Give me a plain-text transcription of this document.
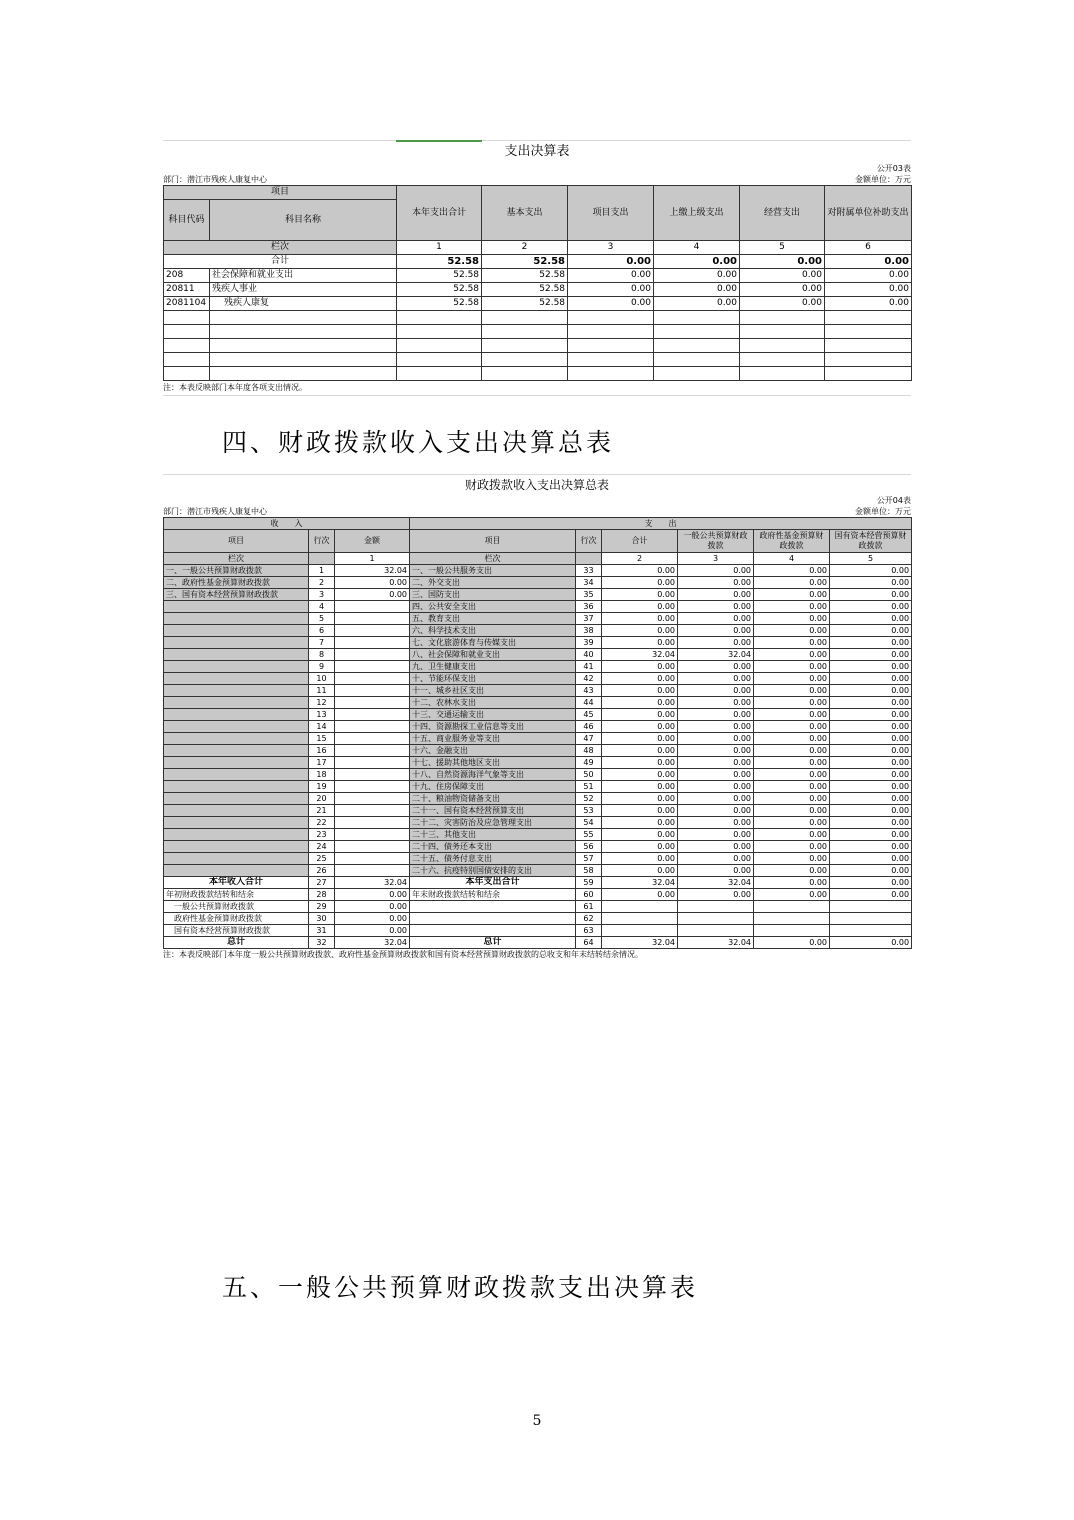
支出决算表
公开03表
部门：潜江市残疾人康复中心	金额单位：万元
项目		本年支出合计	基本支出	项目支出	上缴上级支出	经营支出	对附属单位补助支出
科目代码	科目名称						
栏次		1	2	3	4	5	6
合计		52.58	52.58	0.00	0.00	0.00	0.00
208	社会保障和就业支出	52.58	52.58	0.00	0.00	0.00	0.00
20811	残疾人事业	52.58	52.58	0.00	0.00	0.00	0.00
2081104	残疾人康复	52.58	52.58	0.00	0.00	0.00	0.00

注：本表反映部门本年度各项支出情况。
四、财政拨款收入支出决算总表
财政拨款收入支出决算总表
公开04表
部门：潜江市残疾人康复中心	金额单位：万元
收　　入			支　　出					
项目	行次	金额	项目	行次	合计	一般公共预算财政拨款	政府性基金预算财政拨款	国有资本经营预算财政拨款
栏次		1	栏次		2	3	4	5
一、一般公共预算财政拨款	1	32.04	一、一般公共服务支出	33	0.00	0.00	0.00	0.00
二、政府性基金预算财政拨款	2	0.00	二、外交支出	34	0.00	0.00	0.00	0.00
三、国有资本经营预算财政拨款	3	0.00	三、国防支出	35	0.00	0.00	0.00	0.00
	4		四、公共安全支出	36	0.00	0.00	0.00	0.00
	5		五、教育支出	37	0.00	0.00	0.00	0.00
	6		六、科学技术支出	38	0.00	0.00	0.00	0.00
	7		七、文化旅游体育与传媒支出	39	0.00	0.00	0.00	0.00
	8		八、社会保障和就业支出	40	32.04	32.04	0.00	0.00
	9		九、卫生健康支出	41	0.00	0.00	0.00	0.00
	10		十、节能环保支出	42	0.00	0.00	0.00	0.00
	11		十一、城乡社区支出	43	0.00	0.00	0.00	0.00
	12		十二、农林水支出	44	0.00	0.00	0.00	0.00
	13		十三、交通运输支出	45	0.00	0.00	0.00	0.00
	14		十四、资源勘探工业信息等支出	46	0.00	0.00	0.00	0.00
	15		十五、商业服务业等支出	47	0.00	0.00	0.00	0.00
	16		十六、金融支出	48	0.00	0.00	0.00	0.00
	17		十七、援助其他地区支出	49	0.00	0.00	0.00	0.00
	18		十八、自然资源海洋气象等支出	50	0.00	0.00	0.00	0.00
	19		十九、住房保障支出	51	0.00	0.00	0.00	0.00
	20		二十、粮油物资储备支出	52	0.00	0.00	0.00	0.00
	21		二十一、国有资本经营预算支出	53	0.00	0.00	0.00	0.00
	22		二十二、灾害防治及应急管理支出	54	0.00	0.00	0.00	0.00
	23		二十三、其他支出	55	0.00	0.00	0.00	0.00
	24		二十四、债务还本支出	56	0.00	0.00	0.00	0.00
	25		二十五、债务付息支出	57	0.00	0.00	0.00	0.00
	26		二十六、抗疫特别国债安排的支出	58	0.00	0.00	0.00	0.00
本年收入合计	27	32.04	本年支出合计	59	32.04	32.04	0.00	0.00
年初财政拨款结转和结余	28	0.00	年末财政拨款结转和结余	60	0.00	0.00	0.00	0.00
一般公共预算财政拨款	29	0.00		61				
政府性基金预算财政拨款	30	0.00		62				
国有资本经营预算财政拨款	31	0.00		63				
总计	32	32.04	总计	64	32.04	32.04	0.00	0.00
注：本表反映部门本年度一般公共预算财政拨款、政府性基金预算财政拨款和国有资本经营预算财政拨款的总收支和年末结转结余情况。
五、一般公共预算财政拨款支出决算表
5
